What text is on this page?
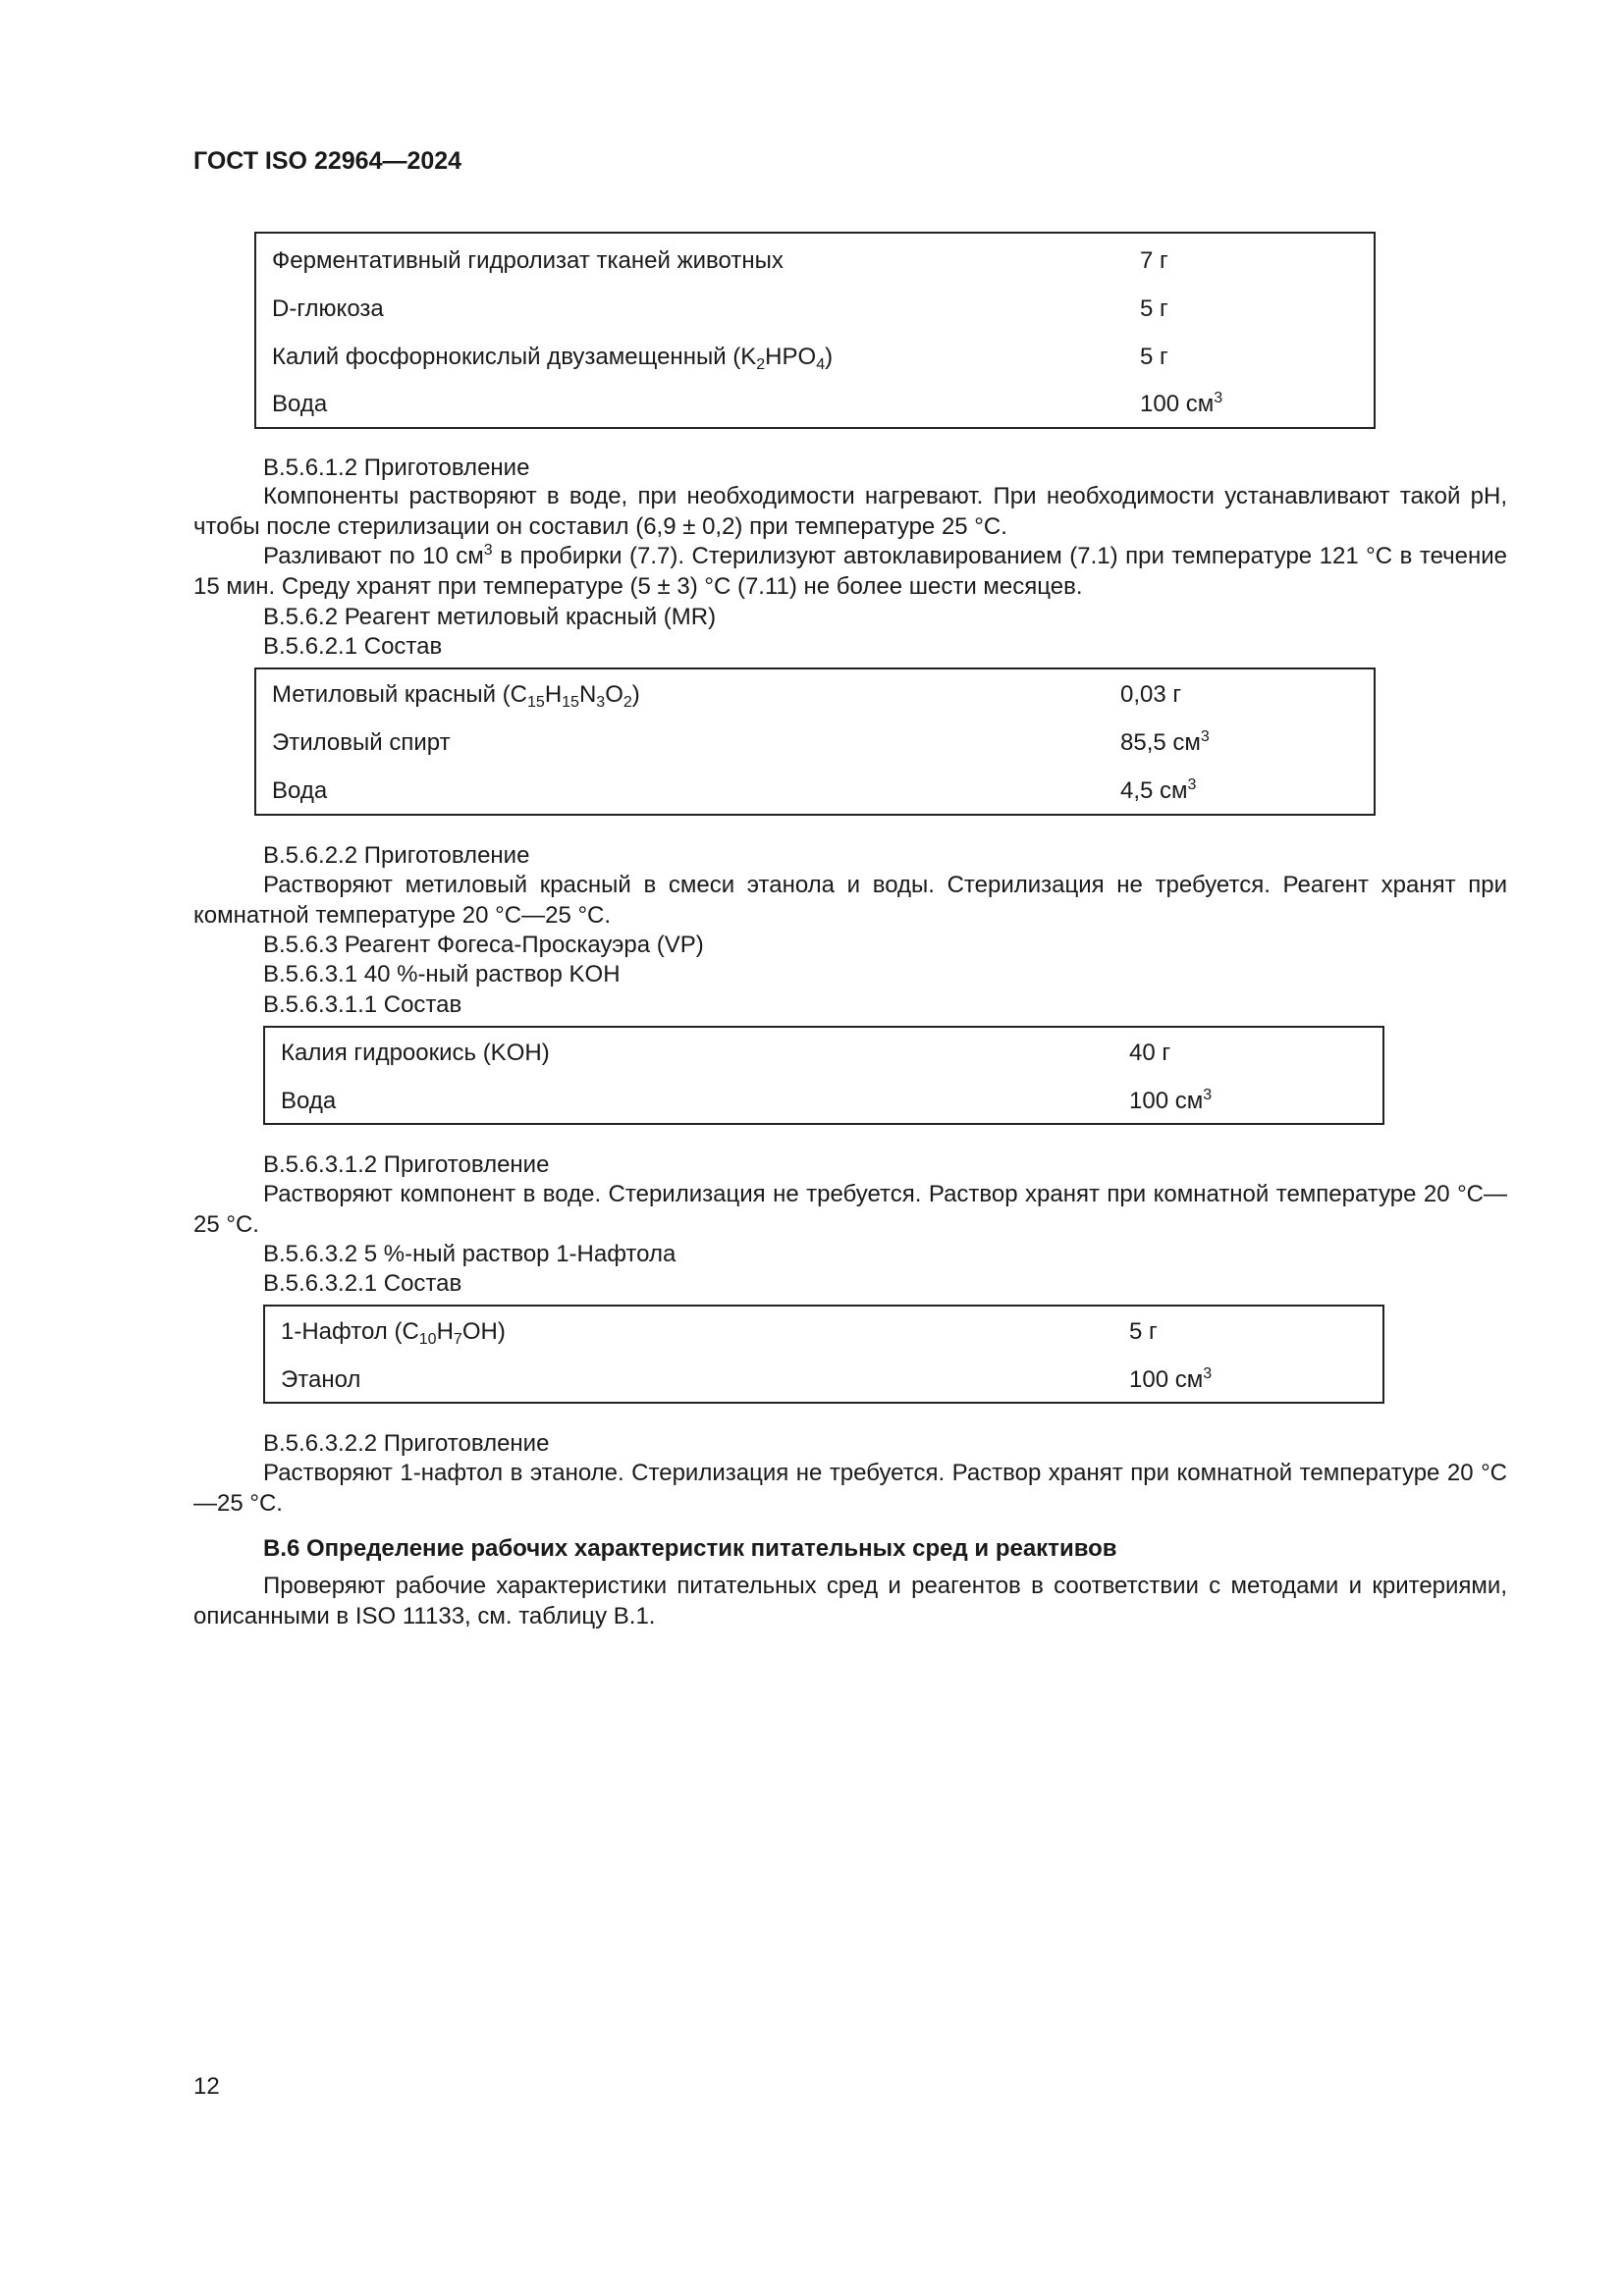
ГОСТ ISO 22964—2024
Ферментативный гидролизат тканей животных	7 г
D-глюкоза	5 г
Калий фосфорнокислый двузамещенный $(K_2HPO_4)$	5 г
Вода	100 $см^3$
В.5.6.1.2 Приготовление

Компоненты растворяют в воде, при необходимости нагревают. При необходимости устанавливают такой pH, чтобы после стерилизации он составил (6,9 ± 0,2) при температуре 25 °C.

Разливают по 10 $см^3$ в пробирки (7.7). Стерилизуют автоклавированием (7.1) при температуре 121 °C в течение 15 мин. Среду хранят при температуре (5 ± 3) °C (7.11) не более шести месяцев.

В.5.6.2 Реагент метиловый красный (MR)
В.5.6.2.1 Состав
Метиловый красный $(C_{15}H_{15}N_3O_2)$	0,03 г
Этиловый спирт	85,5 $см^3$
Вода	4,5 $см^3$
В.5.6.2.2 Приготовление

Растворяют метиловый красный в смеси этанола и воды. Стерилизация не требуется. Реагент хранят при комнатной температуре 20 °C—25 °C.

В.5.6.3 Реагент Фогеса-Проскауэра (VP)
В.5.6.3.1 40 %-ный раствор KOH
В.5.6.3.1.1 Состав
Калия гидроокись (KOH)	40 г
Вода	100 $см^3$
В.5.6.3.1.2 Приготовление

Растворяют компонент в воде. Стерилизация не требуется. Раствор хранят при комнатной температуре 20 °C—25 °C.

В.5.6.3.2 5 %-ный раствор 1-Нафтола
В.5.6.3.2.1 Состав
1-Нафтол $(C_{10}H_7OH)$	5 г
Этанол	100 $см^3$
В.5.6.3.2.2 Приготовление

Растворяют 1-нафтол в этаноле. Стерилизация не требуется. Раствор хранят при комнатной температуре 20 °C—25 °C.

В.6 Определение рабочих характеристик питательных сред и реактивов

Проверяют рабочие характеристики питательных сред и реагентов в соответствии с методами и критериями, описанными в ISO 11133, см. таблицу В.1.

12
